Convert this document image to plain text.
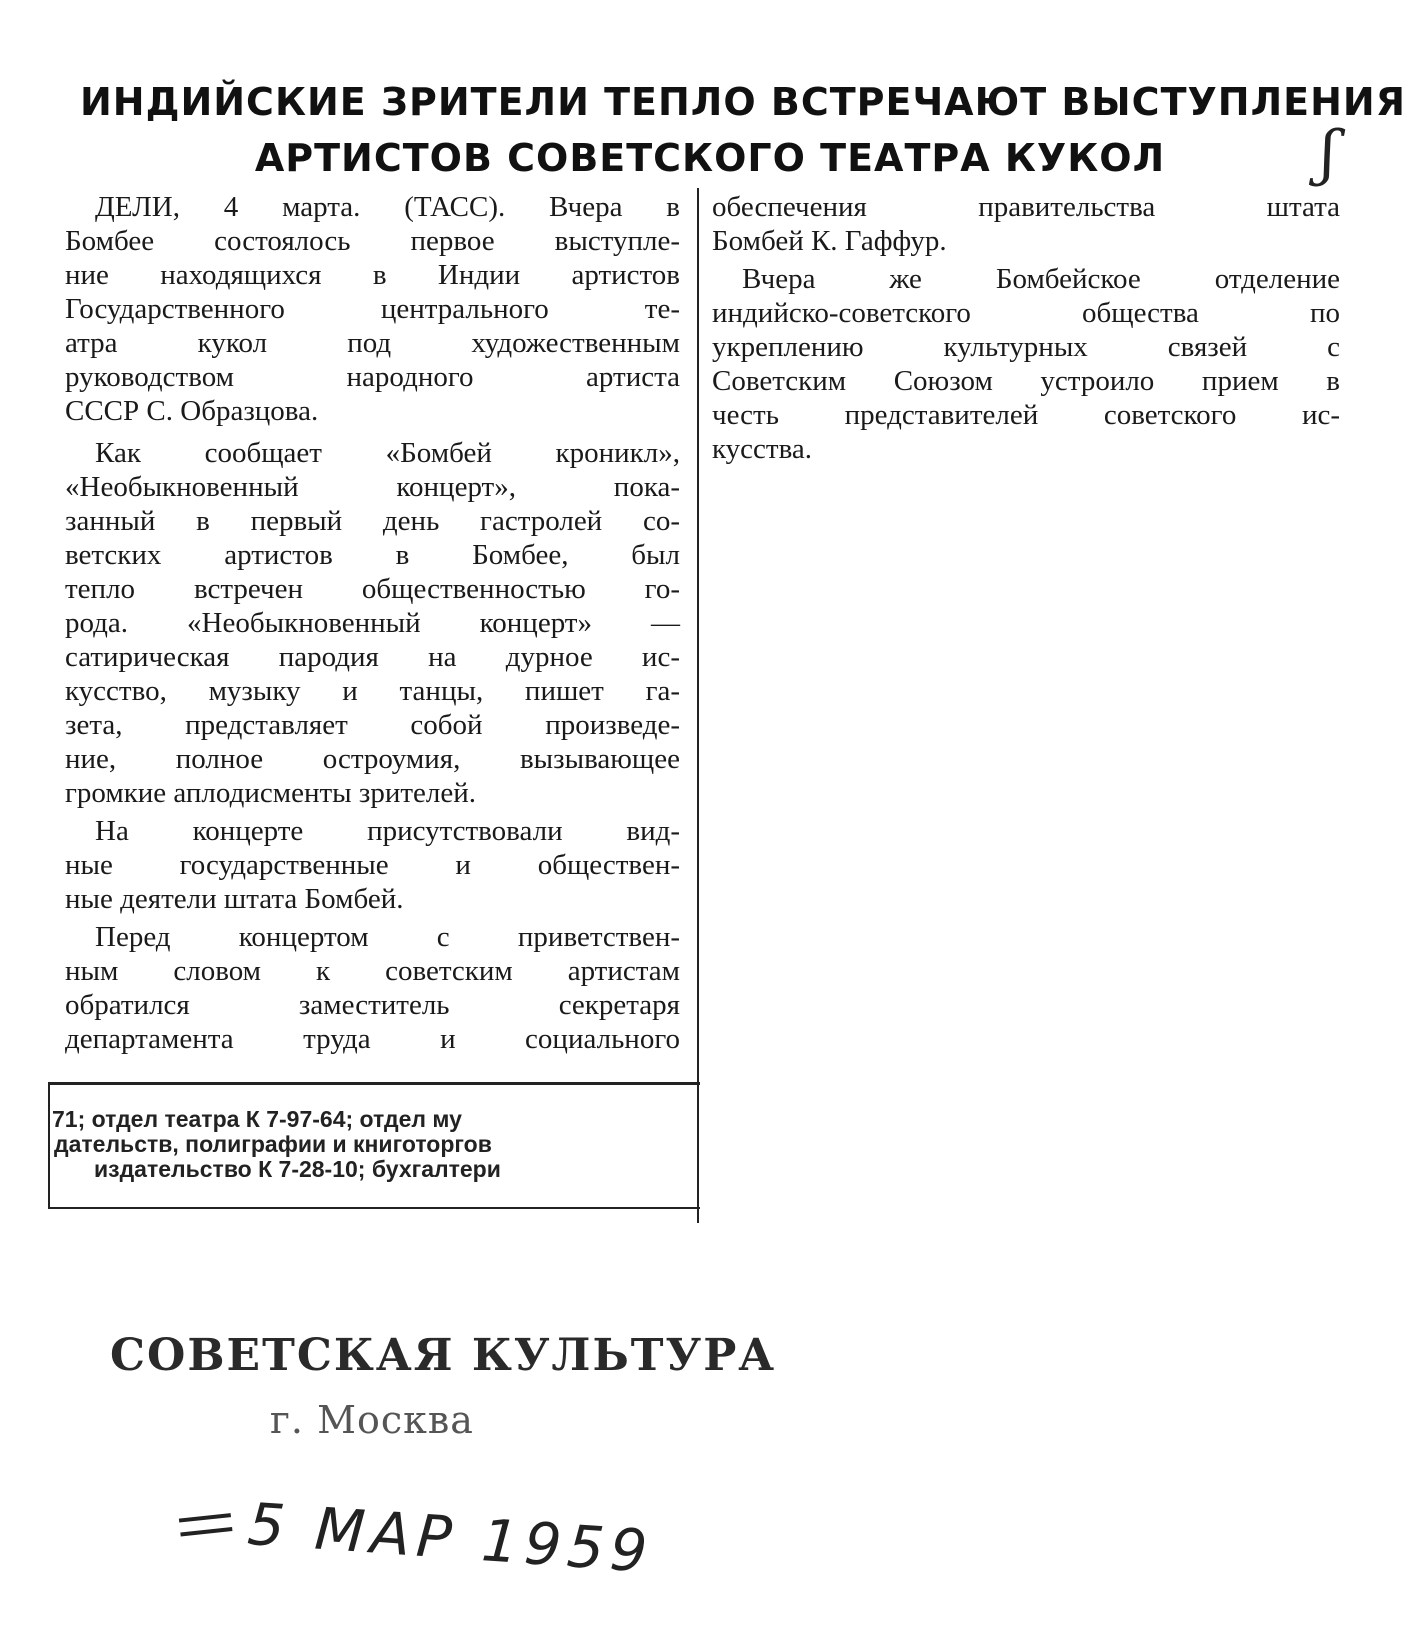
ИНДИЙСКИЕ ЗРИТЕЛИ ТЕПЛО ВСТРЕЧАЮТ ВЫСТУПЛЕНИЯ
АРТИСТОВ СОВЕТСКОГО ТЕАТРА КУКОЛ	ʃ

ДЕЛИ, 4 марта. (ТАСС). Вчера в
Бомбее состоялось первое выступле-
ние находящихся в Индии артистов
Государственного центрального те-
атра кукол под художественным
руководством народного артиста
СССР С. Образцова.

Как сообщает «Бомбей кроникл»,
«Необыкновенный концерт», пока-
занный в первый день гастролей со-
ветских артистов в Бомбее, был
тепло встречен общественностью го-
рода. «Необыкновенный концерт» —
сатирическая пародия на дурное ис-
кусство, музыку и танцы, пишет га-
зета, представляет собой произведе-
ние, полное остроумия, вызывающее
громкие аплодисменты зрителей.

На концерте присутствовали вид-
ные государственные и обществен-
ные деятели штата Бомбей.

Перед концертом с приветствен-
ным словом к советским артистам
обратился заместитель секретаря
департамента труда и социального

обеспечения правительства штата
Бомбей К. Гаффур.

Вчера же Бомбейское отделение
индийско-советского общества по
укреплению культурных связей с
Советским Союзом устроило прием в
честь представителей советского ис-
кусства.

71; отдел театра К 7-97-64; отдел му
дательств, полиграфии и книготоргов
издательство К 7-28-10; бухгалтери
СОВЕТСКАЯ КУЛЬТУРА
г. Москва
5 МАР 1959
